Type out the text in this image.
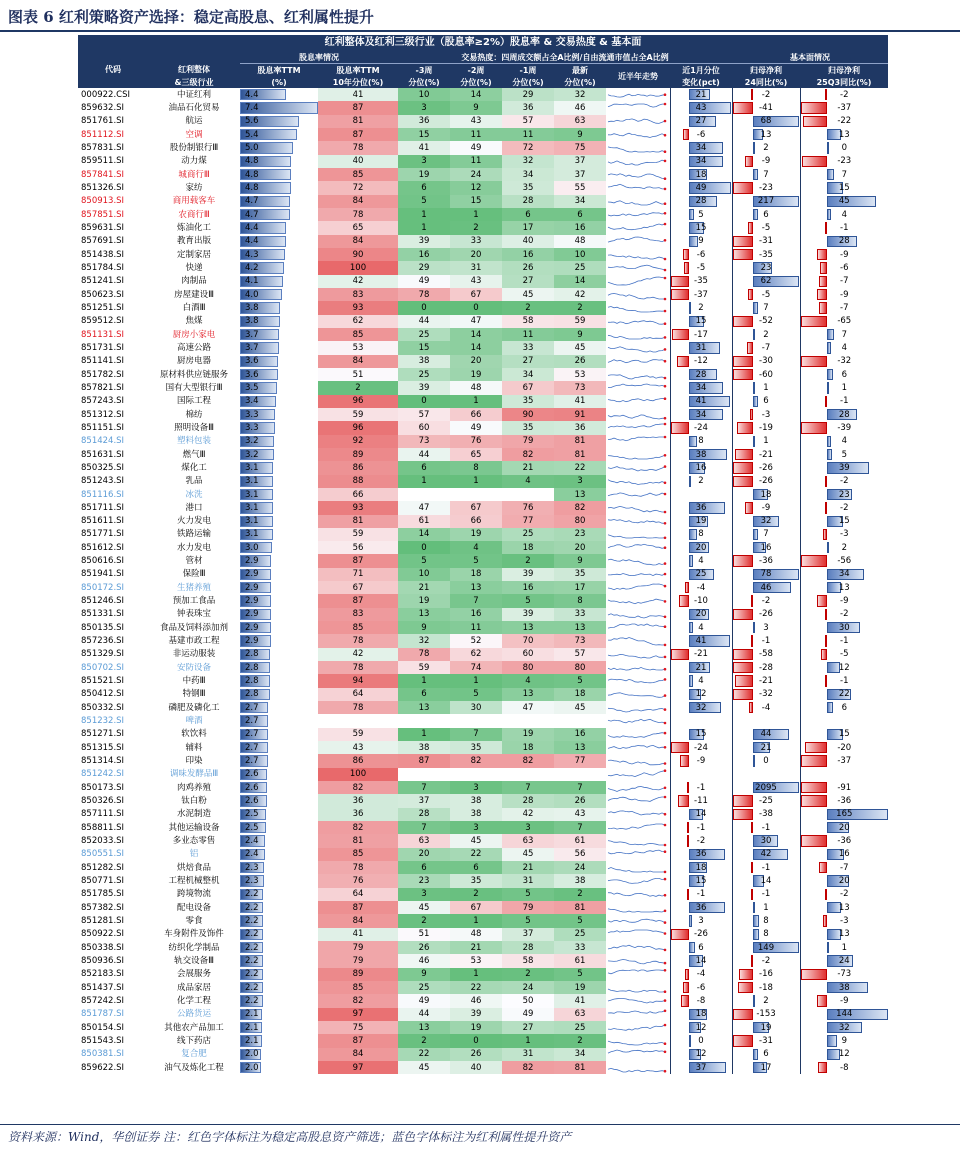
图表 6 红利策略资产选择：稳定高股息、红利属性提升
红利整体及红利三级行业（股息率≥2%）股息率 & 交易热度 & 基本面											
代码		股息率情况		交易热度：四周成交额占全A比例/自由流通市值占全A比例						基本面情况	
	红利整体	股息率TTM	股息率TTM	-3周	-2周	-1周	最新	近半年走势	近1月分位	归母净利	归母净利
	&三级行业	(%)	10年分位(%)	分位(%)	分位(%)	分位(%)	分位(%)		变化(pct)	24同比(%)	25Q3同比(%)
000922.CSI	中证红利	4.4	41	10	14	29	32		21	-2	-2
859632.SI	油品石化贸易	7.4	87	3	9	36	46		43	-41	-37
851761.SI	航运	5.6	81	36	43	57	63		27	68	-22
851112.SI	空调	5.4	87	15	11	11	9		-6	13	13
857831.SI	股份制银行Ⅲ	5.0	78	41	49	72	75		34	2	0
859511.SI	动力煤	4.8	40	3	11	32	37		34	-9	-23
857841.SI	城商行Ⅲ	4.8	85	19	24	34	37		18	7	7
851326.SI	家纺	4.8	72	6	12	35	55		49	-23	15
850913.SI	商用载客车	4.7	84	5	15	28	34		28	217	45
857851.SI	农商行Ⅲ	4.7	78	1	1	6	6		5	6	4
859631.SI	炼油化工	4.4	65	1	2	17	16		15	-5	-1
857691.SI	教育出版	4.4	84	39	33	40	48		9	-31	28
851438.SI	定制家居	4.3	90	16	20	16	10		-6	-35	-9
851784.SI	快递	4.2	100	29	31	26	25		-5	23	-6
851241.SI	肉制品	4.1	42	49	43	27	14		-35	62	-7
850623.SI	房屋建设Ⅲ	4.0	83	78	67	45	42		-37	-5	-9
851251.SI	白酒Ⅲ	3.8	93	0	0	2	2		2	7	-7
859512.SI	焦煤	3.8	62	44	47	58	59		15	-52	-65
851131.SI	厨房小家电	3.7	85	25	14	11	9		-17	2	7
851731.SI	高速公路	3.7	53	15	14	33	45		31	-7	4
851141.SI	厨房电器	3.6	84	38	20	27	26		-12	-30	-32
851782.SI	原材料供应链服务	3.6	51	25	19	34	53		28	-60	6
857821.SI	国有大型银行Ⅲ	3.5	2	39	48	67	73		34	1	1
857243.SI	国际工程	3.4	96	0	1	35	41		41	6	-1
851312.SI	棉纺	3.3	59	57	66	90	91		34	-3	28
851151.SI	照明设备Ⅲ	3.3	96	60	49	35	36		-24	-19	-39
851424.SI	塑料包装	3.2	92	73	76	79	81		8	1	4
851631.SI	燃气Ⅲ	3.2	89	44	65	82	81		38	-21	5
850325.SI	煤化工	3.1	86	6	8	21	22		16	-26	39
851243.SI	乳品	3.1	88	1	1	4	3		2	-26	-2
851116.SI	冰洗	3.1	66				13			18	23
851711.SI	港口	3.1	93	47	67	76	82		36	-9	-2
851611.SI	火力发电	3.1	81	61	66	77	80		19	32	15
851771.SI	铁路运输	3.1	59	14	19	25	23		8	7	-3
851612.SI	水力发电	3.0	56	0	4	18	20		20	16	2
850616.SI	管材	2.9	87	5	5	2	9		4	-36	-56
851941.SI	保险Ⅲ	2.9	71	10	18	39	35		25	78	34
850172.SI	生猪养殖	2.9	67	21	13	16	17		-4	46	13
851246.SI	预加工食品	2.9	87	19	7	5	8		-10	-2	-9
851331.SI	钟表珠宝	2.9	83	13	16	39	33		20	-26	-2
850135.SI	食品及饲料添加剂	2.9	85	9	11	13	13		4	3	30
857236.SI	基建市政工程	2.9	78	32	52	70	73		41	-1	-1
851329.SI	非运动服装	2.8	42	78	62	60	57		-21	-58	-5
850702.SI	安防设备	2.8	78	59	74	80	80		21	-28	12
851521.SI	中药Ⅲ	2.8	94	1	1	4	5		4	-21	-1
850412.SI	特钢Ⅲ	2.8	64	6	5	13	18		12	-32	22
850332.SI	磷肥及磷化工	2.7	78	13	30	47	45		32	-4	6
851232.SI	啤酒	2.7						

851271.SI	软饮料	2.7	59	1	7	19	16		15	44	15
851315.SI	辅料	2.7	43	38	35	18	13		-24	21	-20
851314.SI	印染	2.7	86	87	82	82	77		-9	0	-37
851242.SI	调味发酵品Ⅲ	2.6	100					

850173.SI	肉鸡养殖	2.6	82	7	3	7	7		-1	2095	-91
850326.SI	钛白粉	2.6	36	37	38	28	26		-11	-25	-36
857111.SI	水泥制造	2.5	36	28	38	42	43		14	-38	165
858811.SI	其他运输设备	2.5	82	7	3	3	7		-1	-1	20
852033.SI	多业态零售	2.4	81	63	45	63	61		-2	30	-36
850551.SI	铝	2.4	85	20	22	45	56		36	42	16
851282.SI	烘焙食品	2.3	78	6	6	21	24		18	-1	-7
850771.SI	工程机械整机	2.3	76	23	35	31	38		15	14	20
851785.SI	跨境物流	2.2	64	3	2	5	2		-1	-1	-2
857382.SI	配电设备	2.2	87	45	67	79	81		36	1	13
851281.SI	零食	2.2	84	2	1	5	5		3	8	-3
850922.SI	车身附件及饰件	2.2	41	51	48	37	25		-26	8	13
850338.SI	纺织化学制品	2.2	79	26	21	28	33		6	149	1
850936.SI	轨交设备Ⅲ	2.2	79	46	53	58	61		14	-2	24
852183.SI	会展服务	2.2	89	9	1	2	5		-4	-16	-73
851437.SI	成品家居	2.2	85	25	22	24	19		-6	-18	38
857242.SI	化学工程	2.2	82	49	46	50	41		-8	2	-9
851787.SI	公路货运	2.1	97	44	39	49	63		18	-153	144
850154.SI	其他农产品加工	2.1	75	13	19	27	25		12	19	32
851543.SI	线下药店	2.1	87	2	0	1	2		0	-31	9
850381.SI	复合肥	2.0	84	22	26	31	34		12	6	12
859622.SI	油气及炼化工程	2.0	97	45	40	82	81		37	17	-8
资料来源：Wind，华创证券 注：红色字体标注为稳定高股息资产筛选；蓝色字体标注为红利属性提升资产
